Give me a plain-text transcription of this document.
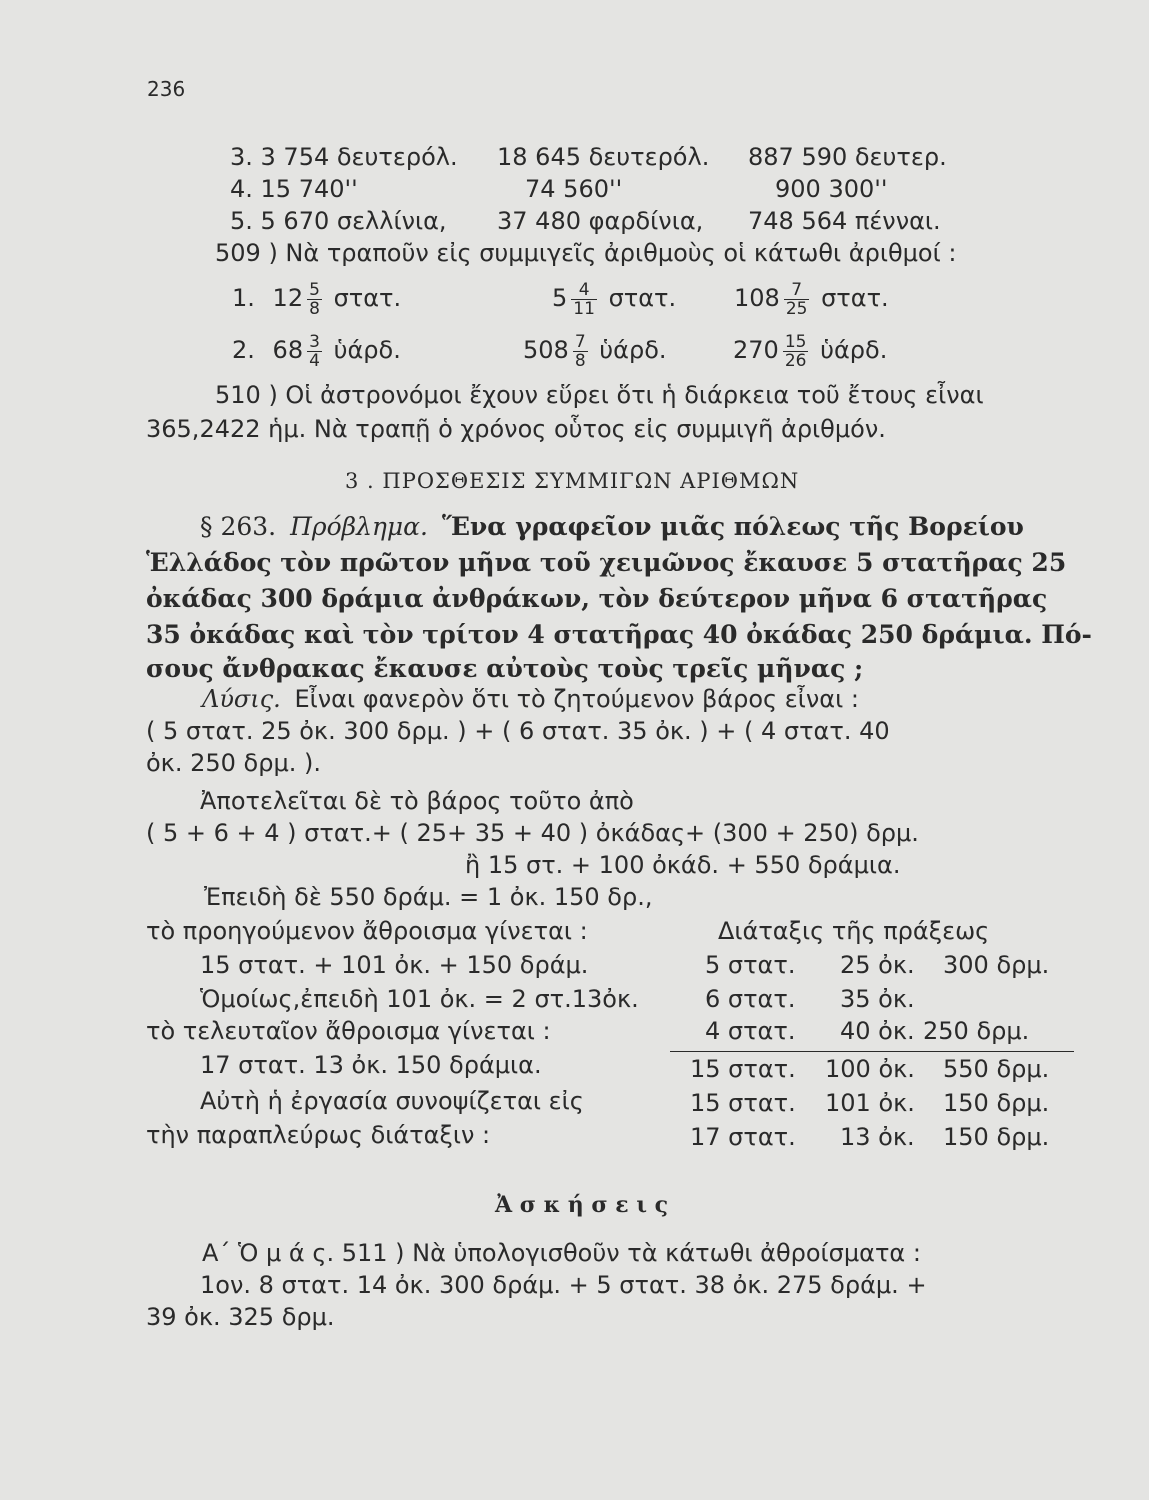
236
3. 3 754 δευτερόλ. 18 645 δευτερόλ. 887 590 δευτερ.
4. 15 740''	74 560''	900 300''
5. 5 670 σελλίνια, 37 480 φαρδίνια, 748 564 πένναι.
509 ) Νὰ τραποῦν εἰς συμμιγεῖς ἀριθμοὺς οἱ κάτωθι ἀριθμοί :
1. $12 \frac{5}{8} \sigma\tau\alpha\tau$.	$5 \frac{4}{11} \sigma\tau\alpha\tau$. $108 \frac{7}{25} \sigma\tau\alpha\tau$.
2. $68 \frac{3}{4}$ ὑάρδ.	$508 \frac{7}{8}$ ὑάρδ.	$270 \frac{15}{26}$ ὑάρδ.
510 ) Οἱ ἀστρονόμοι ἔχουν εὕρει ὅτι ἡ διάρκεια τοῦ ἔτους εἶναι
365,2422 ἡμ. Νὰ τραπῇ ὁ χρόνος οὗτος εἰς συμμιγῆ ἀριθμόν.
3 . ΠΡΟΣΘΕΣΙΣ ΣΥΜΜΙΓΩΝ ΑΡΙΘΜΩΝ
§ 263. Πρόβλημα. Ἕνα γραφεῖον μιᾶς πόλεως τῆς Βορείου
Ἑλλάδος τὸν πρῶτον μῆνα τοῦ χειμῶνος ἔκαυσε 5 στατῆρας 25
ὀκάδας 300 δράμια ἀνθράκων, τὸν δεύτερον μῆνα 6 στατῆρας
35 ὀκάδας καὶ τὸν τρίτον 4 στατῆρας 40 ὀκάδας 250 δράμια. Πό-
σους ἄνθρακας ἔκαυσε αὐτοὺς τοὺς τρεῖς μῆνας ;
Λύσις. Εἶναι φανερὸν ὅτι τὸ ζητούμενον βάρος εἶναι :
( 5 στατ. 25 ὀκ. 300 δρμ. ) + ( 6 στατ. 35 ὀκ. ) + ( 4 στατ. 40
ὀκ. 250 δρμ. ).
Ἀποτελεῖται δὲ τὸ βάρος τοῦτο ἀπὸ
( 5 + 6 + 4 ) στατ.+ ( 25+ 35 + 40 ) ὀκάδας+ (300 + 250) δρμ.
ἢ 15 στ. + 100 ὀκάδ. + 550 δράμια.
Ἐπειδὴ δὲ 550 δράμ. = 1 ὀκ. 150 δρ.,
τὸ προηγούμενον ἄθροισμα γίνεται :
15 στατ. + 101 ὀκ. + 150 δράμ.
Ὁμοίως,ἐπειδὴ 101 ὀκ. = 2 στ.13ὀκ.
τὸ τελευταῖον ἄθροισμα γίνεται :
17 στατ. 13 ὀκ. 150 δράμια.
Αὐτὴ ἡ ἐργασία συνοψίζεται εἰς
τὴν παραπλεύρως διάταξιν :
Διάταξις τῆς πράξεως
5 στατ. 25 ὀκ. 300 δρμ.
6 στατ. 35 ὀκ.
4 στατ. 40 ὀκ. 250 δρμ.
15 στατ. 100 ὀκ. 550 δρμ.
15 στατ. 101 ὀκ. 150 δρμ.
17 στατ. 13 ὀκ. 150 δρμ.
Ἀ σ κ ή σ ε ι ς
Α΄ Ὁ μ ά ς. 511 ) Νὰ ὑπολογισθοῦν τὰ κάτωθι ἀθροίσματα :
1ον. 8 στατ. 14 ὀκ. 300 δράμ. + 5 στατ. 38 ὀκ. 275 δράμ. +
39 ὀκ. 325 δρμ.
